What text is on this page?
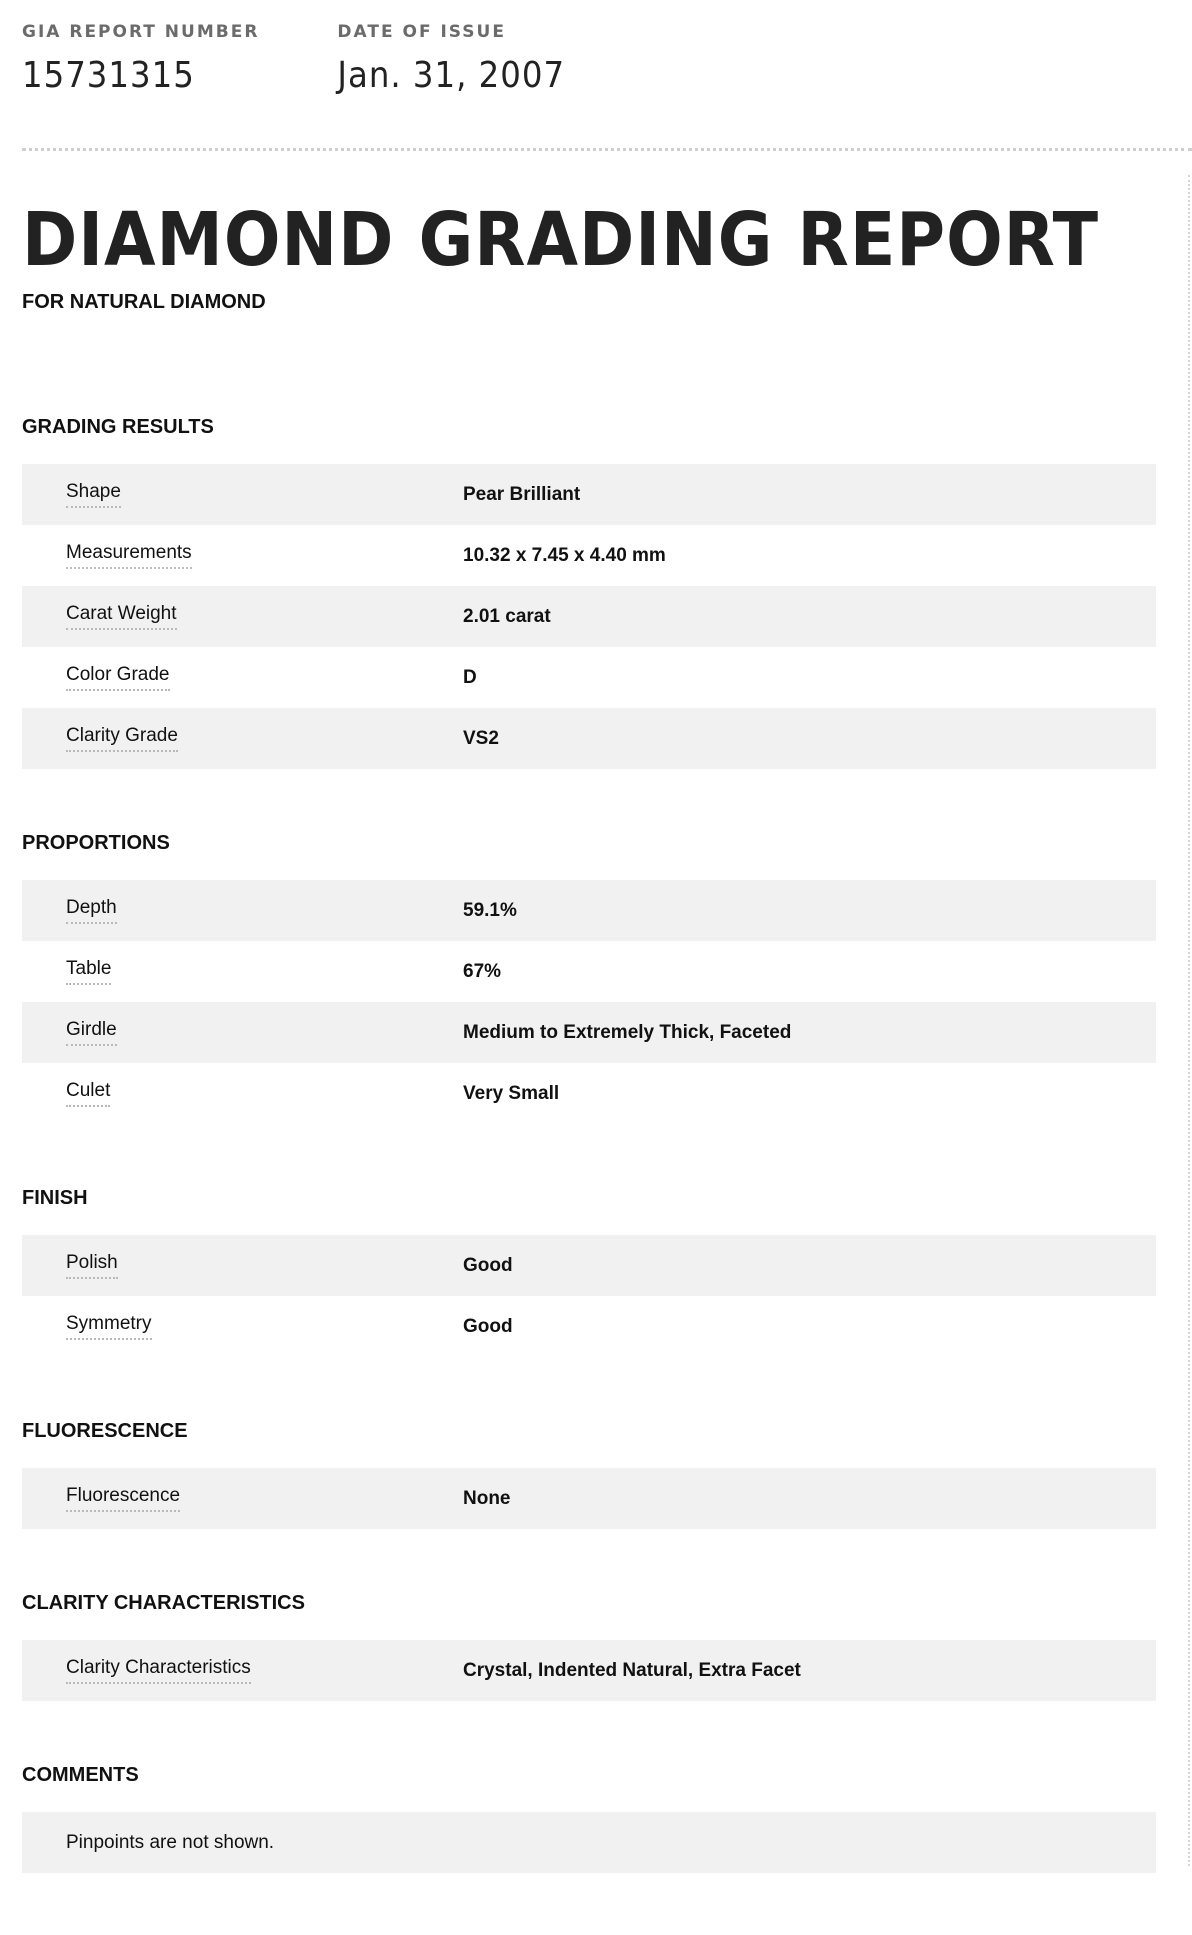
GIA REPORT NUMBER
15731315
DATE OF ISSUE
Jan. 31, 2007
DIAMOND GRADING REPORT
FOR NATURAL DIAMOND
GRADING RESULTS
Shape	Pear Brilliant
Measurements	10.32 x 7.45 x 4.40 mm
Carat Weight	2.01 carat
Color Grade	D
Clarity Grade	VS2
PROPORTIONS
Depth	59.1%
Table	67%
Girdle	Medium to Extremely Thick, Faceted
Culet	Very Small
FINISH
Polish	Good
Symmetry	Good
FLUORESCENCE
Fluorescence	None
CLARITY CHARACTERISTICS
Clarity Characteristics	Crystal, Indented Natural, Extra Facet
COMMENTS
Pinpoints are not shown.
